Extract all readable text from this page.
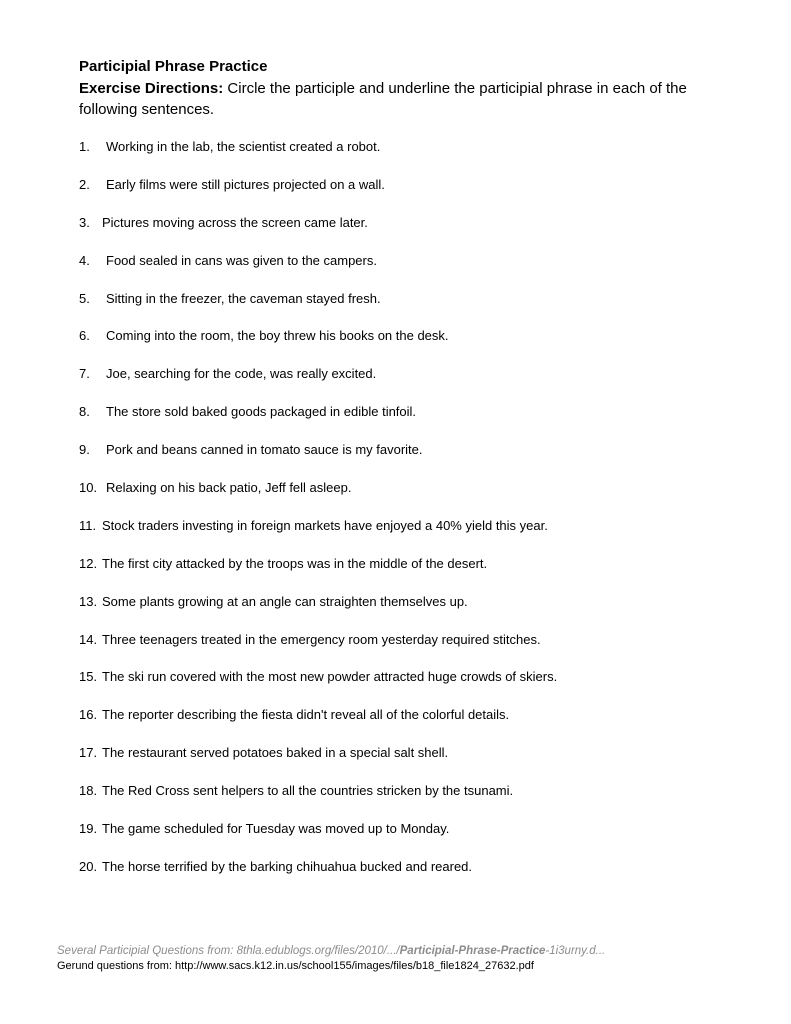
Participial Phrase Practice

Exercise Directions: Circle the participle and underline the participial phrase in each of the following sentences.

1. Working in the lab, the scientist created a robot.
2. Early films were still pictures projected on a wall.
3. Pictures moving across the screen came later.
4. Food sealed in cans was given to the campers.
5. Sitting in the freezer, the caveman stayed fresh.
6. Coming into the room, the boy threw his books on the desk.
7. Joe, searching for the code, was really excited.
8. The store sold baked goods packaged in edible tinfoil.
9. Pork and beans canned in tomato sauce is my favorite.
10. Relaxing on his back patio, Jeff fell asleep.
11. Stock traders investing in foreign markets have enjoyed a 40% yield this year.
12. The first city attacked by the troops was in the middle of the desert.
13. Some plants growing at an angle can straighten themselves up.
14. Three teenagers treated in the emergency room yesterday required stitches.
15. The ski run covered with the most new powder attracted huge crowds of skiers.
16. The reporter describing the fiesta didn't reveal all of the colorful details.
17. The restaurant served potatoes baked in a special salt shell.
18. The Red Cross sent helpers to all the countries stricken by the tsunami.
19. The game scheduled for Tuesday was moved up to Monday.
20. The horse terrified by the barking chihuahua bucked and reared.
Several Participial Questions from: 8thla.edublogs.org/files/2010/.../Participial-Phrase-Practice-1i3urny.d...
Gerund questions from: http://www.sacs.k12.in.us/school155/images/files/b18_file1824_27632.pdf
